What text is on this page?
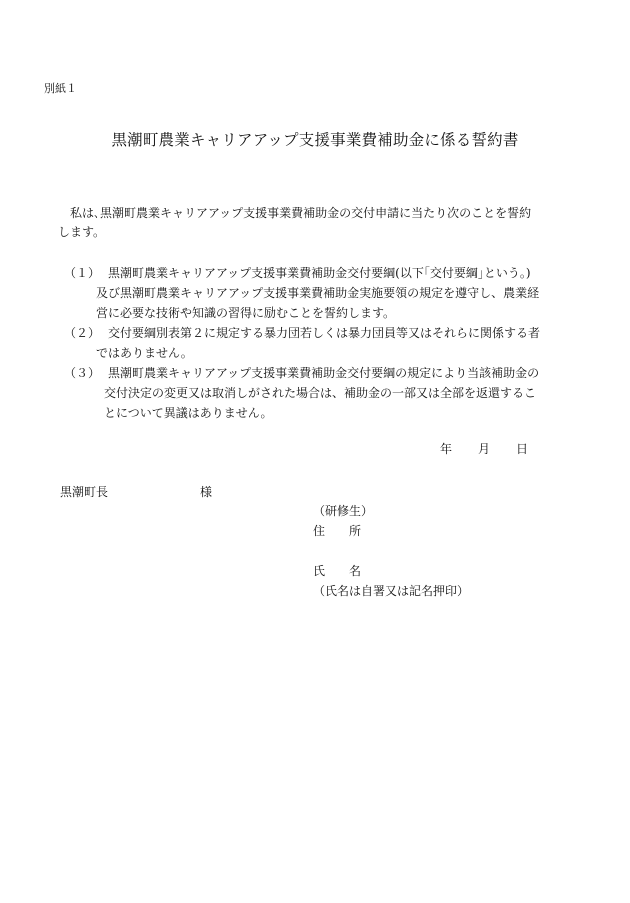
別紙１
黒潮町農業キャリアアップ支援事業費補助金に係る誓約書
私は､黒潮町農業キャリアアップ支援事業費補助金の交付申請に当たり次のことを誓約
します。
（１） 黒潮町農業キャリアアップ支援事業費補助金交付要綱(以下｢交付要綱｣という。)
及び黒潮町農業キャリアアップ支援事業費補助金実施要領の規定を遵守し、農業経
営に必要な技術や知識の習得に励むことを誓約します。
（２） 交付要綱別表第２に規定する暴力団若しくは暴力団員等又はそれらに関係する者
ではありません。
（３） 黒潮町農業キャリアアップ支援事業費補助金交付要綱の規定により当該補助金の
交付決定の変更又は取消しがされた場合は、補助金の一部又は全部を返還するこ
とについて異議はありません。
年 月 日
黒潮町長	様
（研修生）
住　　所
氏　　名
（氏名は自署又は記名押印）
